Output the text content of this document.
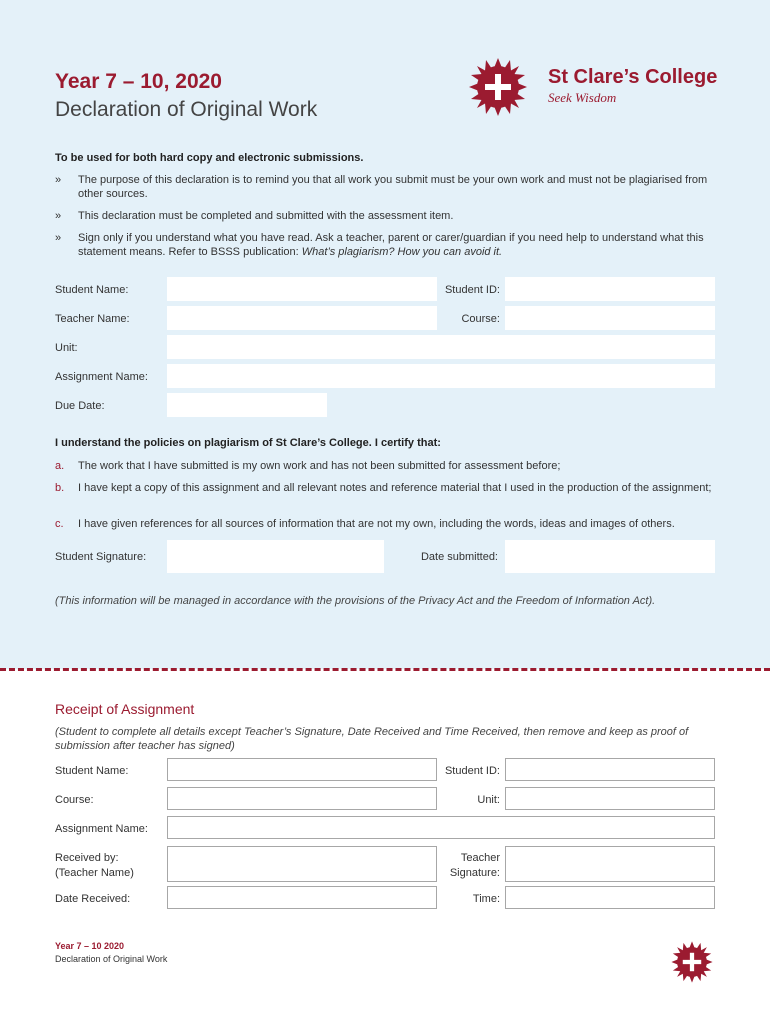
Year 7 – 10, 2020
Declaration of Original Work
St Clare’s College
Seek Wisdom
To be used for both hard copy and electronic submissions.
» The purpose of this declaration is to remind you that all work you submit must be your own work and must not be plagiarised from other sources.
» This declaration must be completed and submitted with the assessment item.
» Sign only if you understand what you have read. Ask a teacher, parent or carer/guardian if you need help to understand what this statement means. Refer to BSSS publication: What’s plagiarism? How you can avoid it.
Student Name:	Student ID:
Teacher Name:	Course:
Unit:
Assignment Name:
Due Date:
I understand the policies on plagiarism of St Clare’s College. I certify that:
a. The work that I have submitted is my own work and has not been submitted for assessment before;
b. I have kept a copy of this assignment and all relevant notes and reference material that I used in the production of the assignment;
c. I have given references for all sources of information that are not my own, including the words, ideas and images of others.
Student Signature:	Date submitted:
(This information will be managed in accordance with the provisions of the Privacy Act and the Freedom of Information Act).
Receipt of Assignment
(Student to complete all details except Teacher’s Signature, Date Received and Time Received, then remove and keep as proof of submission after teacher has signed)
Student Name:	Student ID:
Course:	Unit:
Assignment Name:
Received by:
(Teacher Name)
Teacher
Signature:
Date Received:	Time:
Year 7 – 10 2020
Declaration of Original Work
